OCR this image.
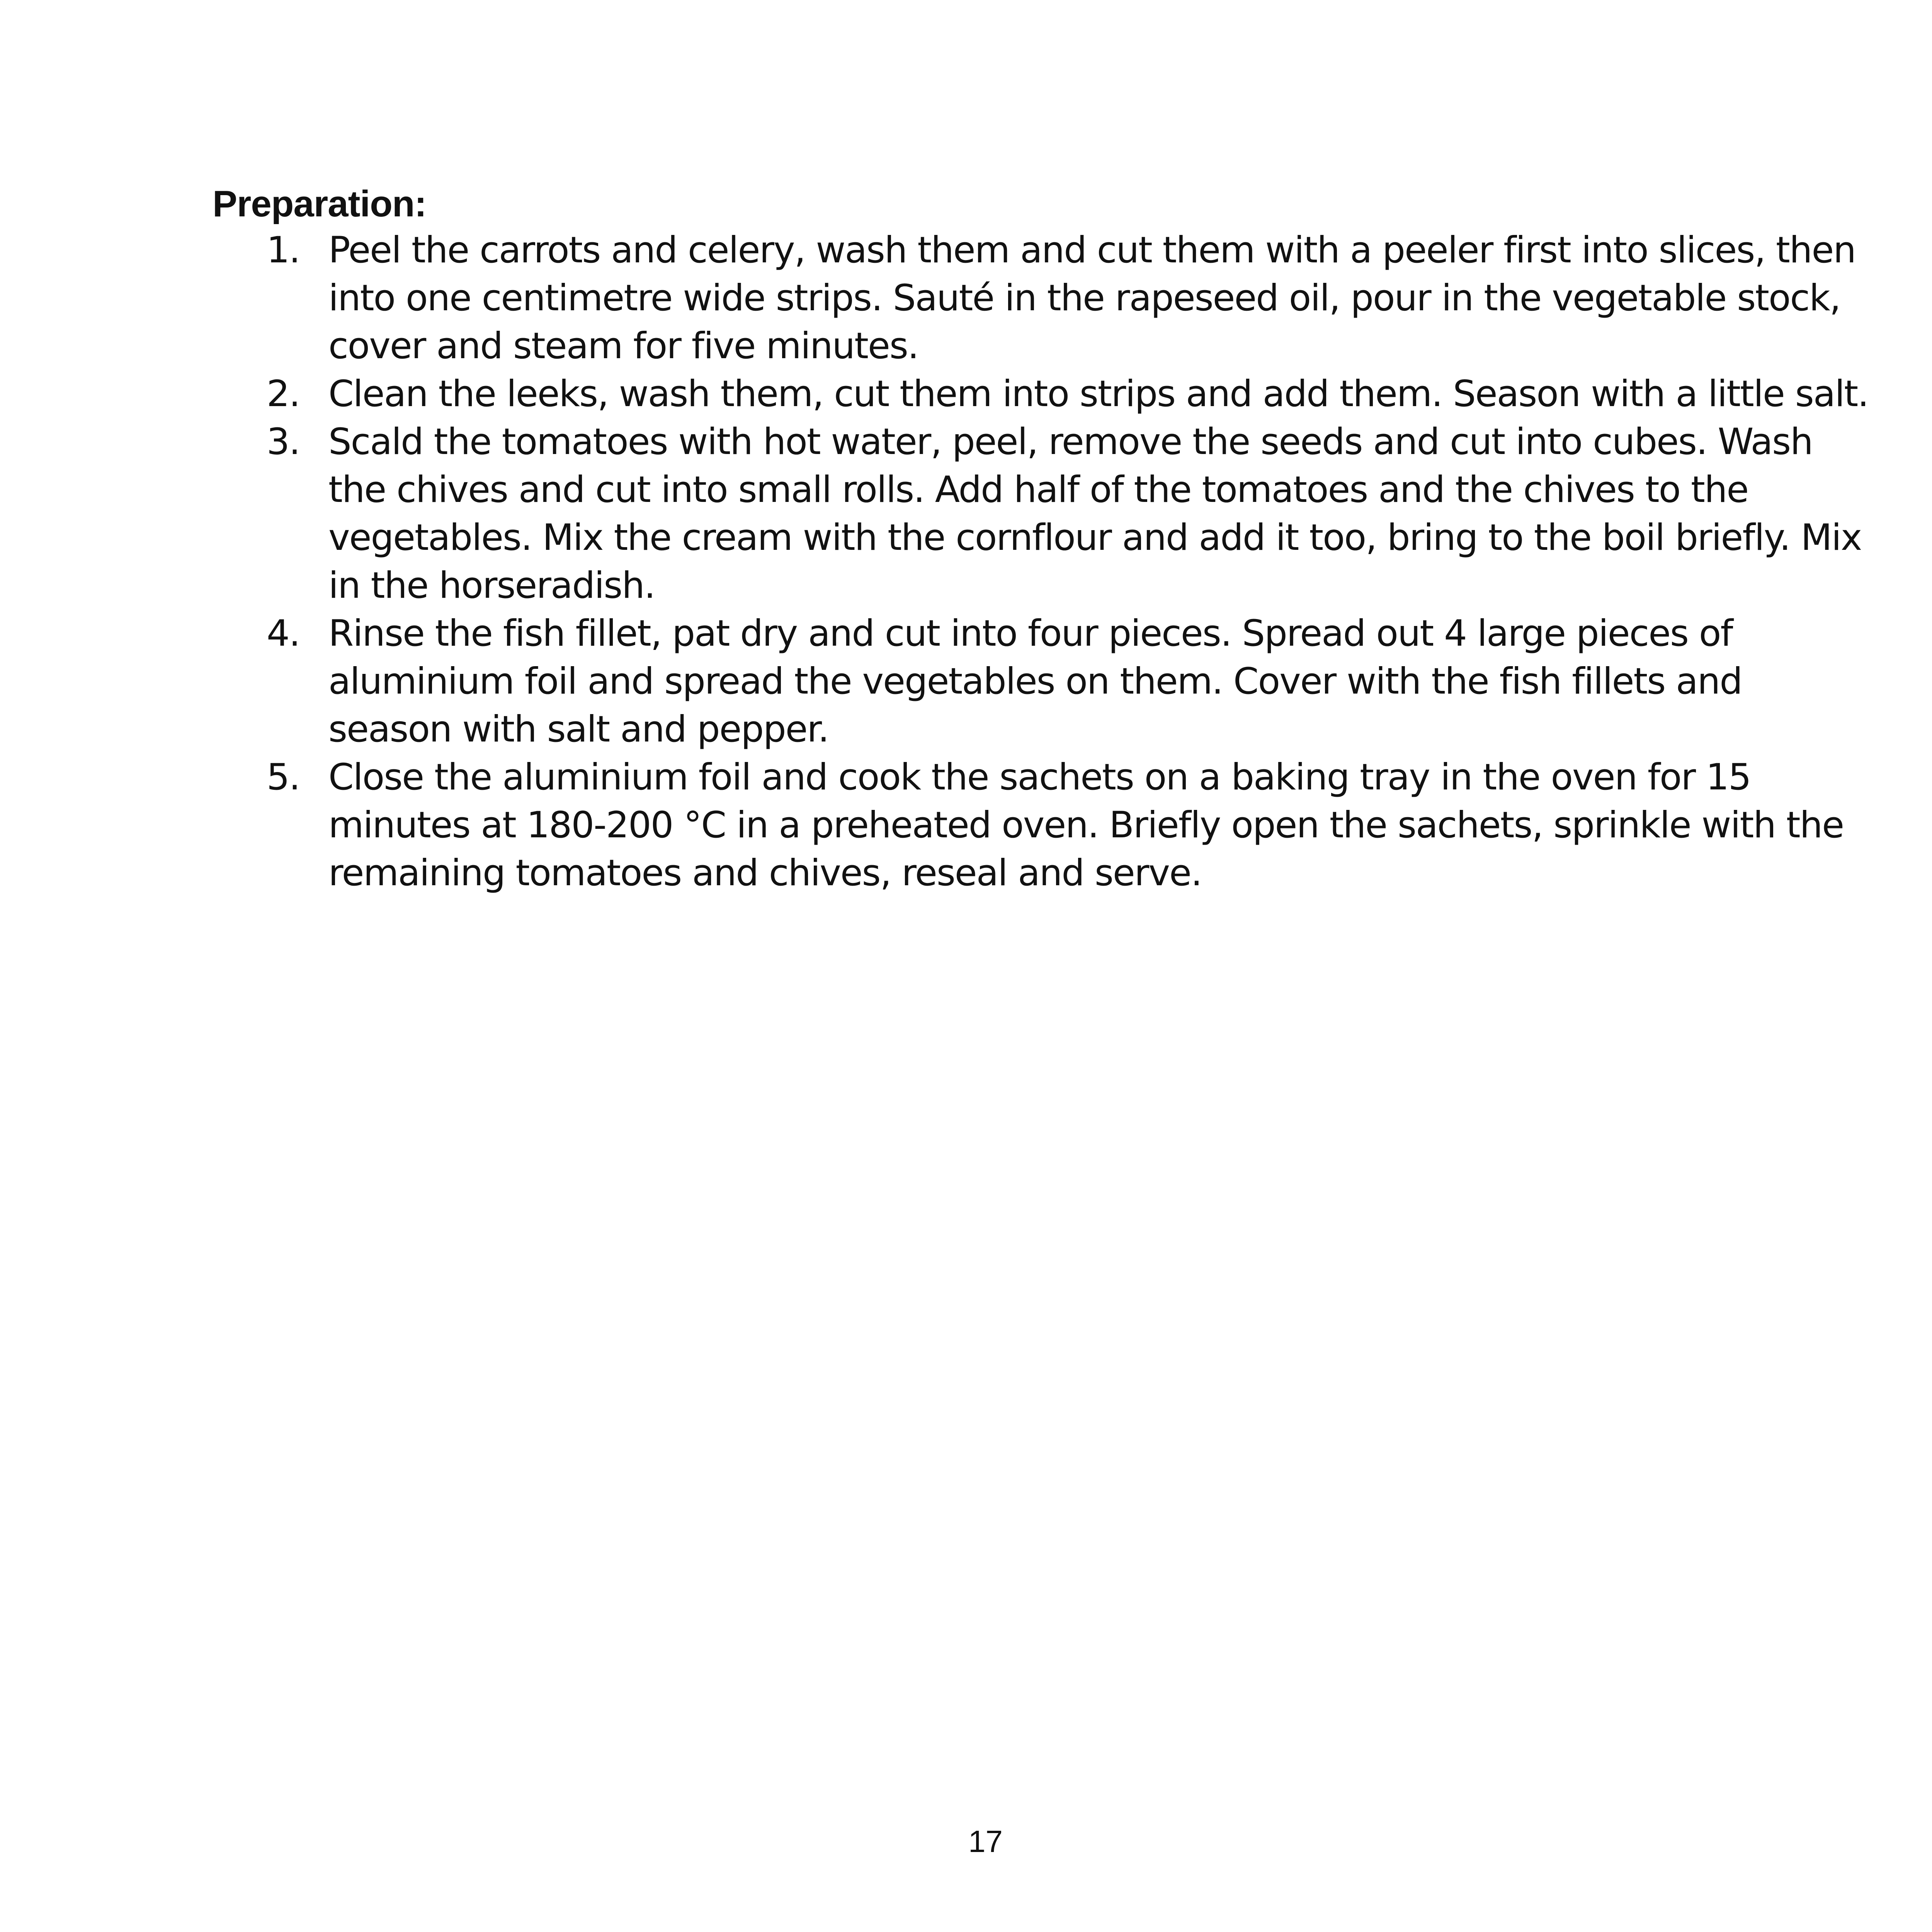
Preparation:
1. Peel the carrots and celery, wash them and cut them with a peeler first into slices, then into one centimetre wide strips. Sauté in the rapeseed oil, pour in the vegetable stock, cover and steam for five minutes.
2. Clean the leeks, wash them, cut them into strips and add them. Season with a little salt.
3. Scald the tomatoes with hot water, peel, remove the seeds and cut into cubes. Wash the chives and cut into small rolls. Add half of the tomatoes and the chives to the vegetables. Mix the cream with the cornflour and add it too, bring to the boil briefly. Mix in the horseradish.
4. Rinse the fish fillet, pat dry and cut into four pieces. Spread out 4 large pieces of aluminium foil and spread the vegetables on them. Cover with the fish fillets and season with salt and pepper.
5. Close the aluminium foil and cook the sachets on a baking tray in the oven for 15 minutes at 180-200 °C in a preheated oven. Briefly open the sachets, sprinkle with the remaining tomatoes and chives, reseal and serve.
17
